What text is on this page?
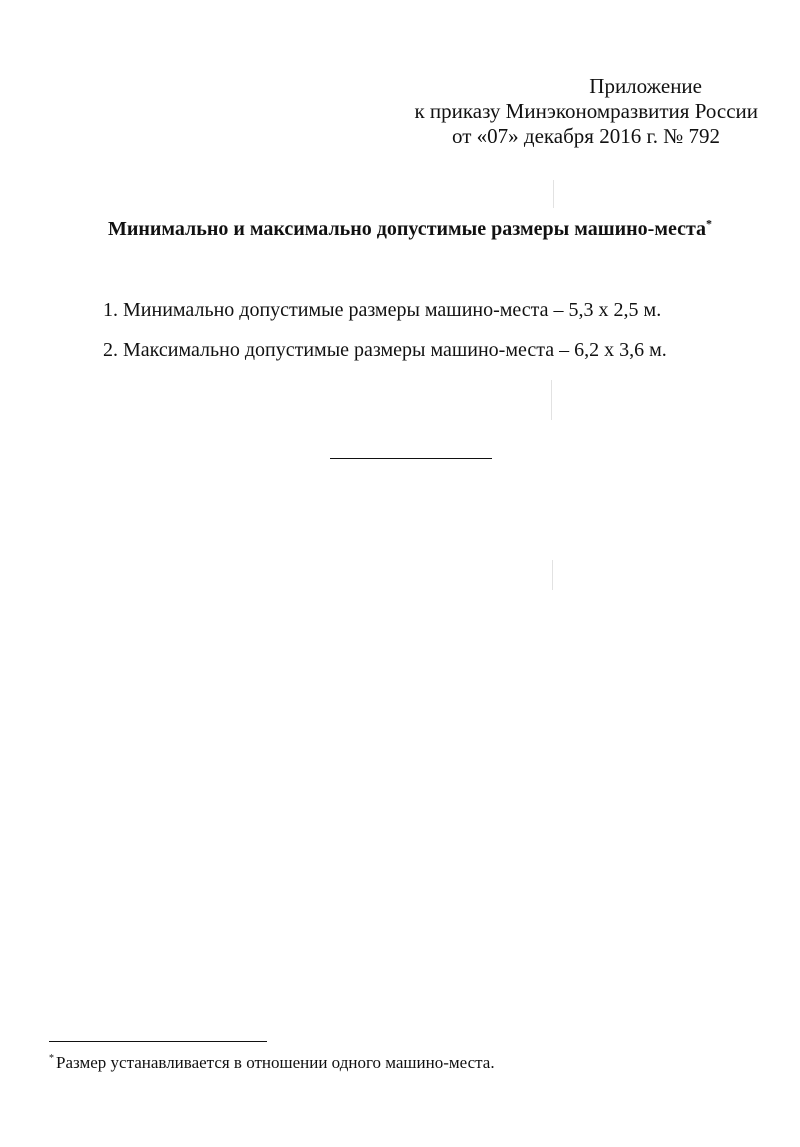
Приложение
к приказу Минэкономразвития России
от «07» декабря 2016 г. № 792
Минимально и максимально допустимые размеры машино-места*
1. Минимально допустимые размеры машино-места – 5,3 х 2,5 м.
2. Максимально допустимые размеры машино-места – 6,2 х 3,6 м.
* Размер устанавливается в отношении одного машино-места.
